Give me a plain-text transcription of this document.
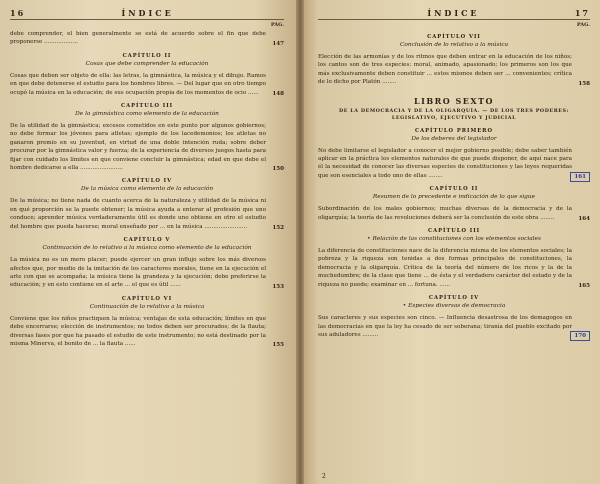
16	ÍNDICE
PÁG.

debe comprender, el bien generalmente se está de acuerdo sobre el fin que debe proponerse ...................	147
CAPÍTULO II
Cosas que debe comprender la educación

Cosas que deben ser objeto de ella: las letras, la gimnástica, la música y el dibujo. Ramos en que debe detenerse el estudio para los hombres libres. — Del lugar que en otro tiempo ocupó la música en la educación; de sus ocupación propia de los momentos de ocio ......	148
CAPÍTULO III
De la gimnástica como elemento de la educación

De la utilidad de la gimnástica; excesos cometidos en este punto por algunos gobiernos; no debe formar los jóvenes para atletas; ejemplo de los lacedemonios; los atletas no ganaron premio en su juventud, en virtud de una doble intención ruda; sobre deber procurar por la gimnástica valor y fuerza; de la experiencia de diversos juegos hasta para fijar con cuidado los límites en que conviene concluir la gimnástica; edad en que debe el hombre dedicarse a ella ........................	150
CAPÍTULO IV
De la música como elemento de la educación

De la música; no tiene nada de cuanto acerca de la naturaleza y utilidad de la música ni en qué proporción se la puede obtener; la música ayuda a enterar al profesión que uno conduce; aprender música verdaderamente útil es donde uno obtiene en otro el estudio del hombre que pueda hacerse; moral enseñado por ... en la música ........................	152
CAPÍTULO V
Continuación de lo relativo a la música como elemento de la educación

La música no es un mero placer; puede ejercer un gran influjo sobre los más diversos afectos que, por medio de la imitación de los caracteres morales, tiene en la ejecución el arte con que se acompaña; la música tiene la grandeza y la ejecución; debe preferirse la educación; y en esto contiene en el arte ... el que es útil ......	153
CAPÍTULO VI
Continuación de lo relativo a la música

Conviene que los niños practiquen la música; ventajas de esta educación; límites en que debe encerrarse; elección de instrumentos; no todos deben ser procurados; de la flauta; diversas fases por que ha pasado el estudio de este instrumento; no está destinado por la misma Minerva, el bonito de ... la flauta ......	155
ÍNDICE	17
PÁG.
CAPÍTULO VII
Conclusión de lo relativo a la música

Elección de las armonías y de los ritmos que deben entrar en la educación de los niños; los cantos son de tres especies: moral, animado, apasionado; los primeros son los que más exclusivamente deben constituir ... estos mismos deben ser ... convenientes; crítica de lo dicho por Platón ........	158
LIBRO SEXTO
DE LA DEMOCRACIA Y DE LA OLIGARQUÍA. — DE LOS TRES PODERES: LEGISLATIVO, EJECUTIVO Y JUDICIAL
CAPÍTULO PRIMERO
De los deberes del legislador

No debe limitarse el legislador a conocer el mejor gobierno posible; debe saber también aplicar en la práctica los elementos naturales de que puede disponer, de aquí nace para él la necesidad de conocer las diversas especies de constituciones y las leyes requeridas que son esenciales a todo uno de ellas ........	161
CAPÍTULO II
Resumen de lo precedente e indicación de lo que sigue

Subordinación de los males gobiernos; muchas diversas de la democracia y de la oligarquía; la teoría de las revoluciones deberá ser la conclusión de este obra ........	164
CAPÍTULO III
• Relación de las constituciones con los elementos sociales

La diferencia de constituciones nace de la diferencia misma de los elementos sociales; la pobreza y la riqueza son tenidas a dos formas principales de constituciones, la democracia y la oligarquía. Crítica de la teoría del número de los ricos y la de la muchedumbre; de la clase que tiene ... de ésta y el verdadero carácter del estado y de la riqueza no puede; examinar en ... fortuna. ......	165
CAPÍTULO IV
• Especies diversas de democracia

Sus caracteres y sus especies son cinco. — Influencia desastrosa de los demagogos en las democracias en que la ley ha cesado de ser soberana; tiranía del pueblo excitado por sus aduladores .........	170
2
